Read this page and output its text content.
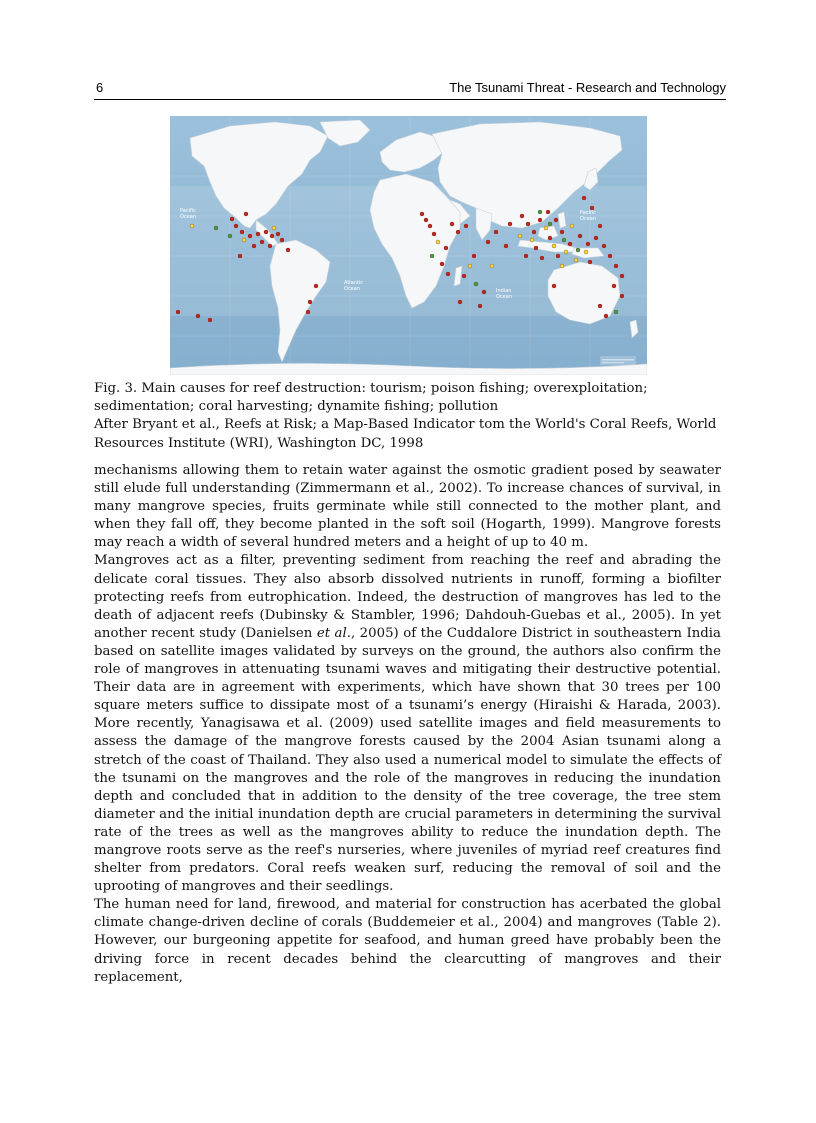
6	The Tsunami Threat - Research and Technology
Pacific Ocean
Pacific Ocean
Atlantic Ocean	Indian Ocean

Fig. 3. Main causes for reef destruction: tourism; poison fishing; overexploitation;

sedimentation; coral harvesting; dynamite fishing; pollution

After Bryant et al., Reefs at Risk; a Map-Based Indicator tom the World's Coral Reefs, World

Resources Institute (WRI), Washington DC, 1998

mechanisms allowing them to retain water against the osmotic gradient posed by seawater still elude full understanding (Zimmermann et al., 2002). To increase chances of survival, in many mangrove species, fruits germinate while still connected to the mother plant, and when they fall off, they become planted in the soft soil (Hogarth, 1999). Mangrove forests may reach a width of several hundred meters and a height of up to 40 m.

Mangroves act as a filter, preventing sediment from reaching the reef and abrading the delicate coral tissues. They also absorb dissolved nutrients in runoff, forming a biofilter protecting reefs from eutrophication. Indeed, the destruction of mangroves has led to the death of adjacent reefs (Dubinsky & Stambler, 1996; Dahdouh-Guebas et al., 2005). In yet another recent study (Danielsen et al., 2005) of the Cuddalore District in southeastern India based on satellite images validated by surveys on the ground, the authors also confirm the role of mangroves in attenuating tsunami waves and mitigating their destructive potential. Their data are in agreement with experiments, which have shown that 30 trees per 100 square meters suffice to dissipate most of a tsunami’s energy (Hiraishi & Harada, 2003). More recently, Yanagisawa et al. (2009) used satellite images and field measurements to assess the damage of the mangrove forests caused by the 2004 Asian tsunami along a stretch of the coast of Thailand. They also used a numerical model to simulate the effects of the tsunami on the mangroves and the role of the mangroves in reducing the inundation depth and concluded that in addition to the density of the tree coverage, the tree stem diameter and the initial inundation depth are crucial parameters in determining the survival rate of the trees as well as the mangroves ability to reduce the inundation depth. The mangrove roots serve as the reef's nurseries, where juveniles of myriad reef creatures find shelter from predators. Coral reefs weaken surf, reducing the removal of soil and the uprooting of mangroves and their seedlings.

The human need for land, firewood, and material for construction has acerbated the global climate change-driven decline of corals (Buddemeier et al., 2004) and mangroves (Table 2). However, our burgeoning appetite for seafood, and human greed have probably been the driving force in recent decades behind the clearcutting of mangroves and their replacement,
